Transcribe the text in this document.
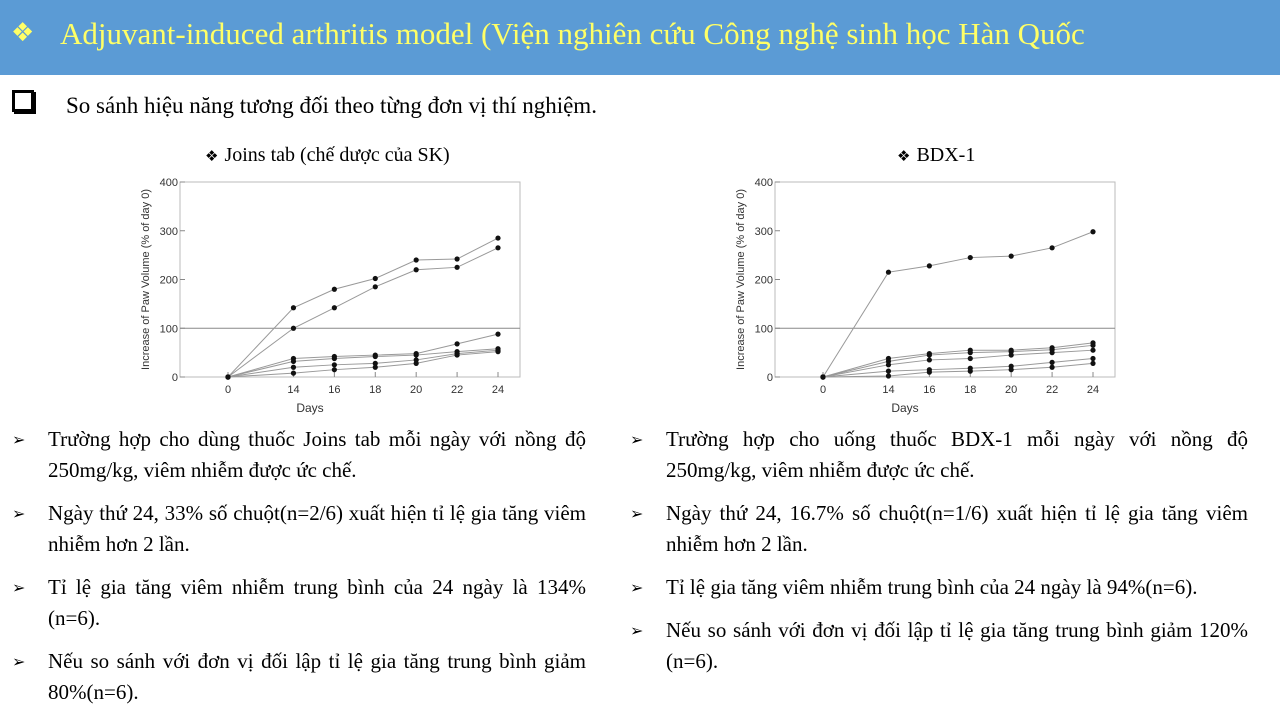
❖ Adjuvant-induced arthritis model (Viện nghiên cứu Công nghệ sinh học Hàn Quốc
So sánh hiệu năng tương đối theo từng đơn vị thí nghiệm.
❖ Joins tab (chế dược của SK)	❖ BDX-1
0
100
200
300
400
0	14	16	18	20	22	24
Days
Increase of Paw Volume (% of day 0)
0
100
200
300
400
0	14	16	18	20	22	24
Days
Increase of Paw Volume (% of day 0)
➢ Trường hợp cho dùng thuốc Joins tab mỗi ngày với nồng độ 250mg/kg, viêm nhiễm được ức chế.
➢ Ngày thứ 24, 33% số chuột(n=2/6) xuất hiện tỉ lệ gia tăng viêm nhiễm hơn 2 lần.
➢ Tỉ lệ gia tăng viêm nhiễm trung bình của 24 ngày là 134%(n=6).
➢ Nếu so sánh với đơn vị đối lập tỉ lệ gia tăng trung bình giảm 80%(n=6).
➢ Trường hợp cho uống thuốc BDX-1 mỗi ngày với nồng độ 250mg/kg, viêm nhiễm được ức chế.
➢ Ngày thứ 24, 16.7% số chuột(n=1/6) xuất hiện tỉ lệ gia tăng viêm nhiễm hơn 2 lần.
➢ Tỉ lệ gia tăng viêm nhiễm trung bình của 24 ngày là 94%(n=6).
➢ Nếu so sánh với đơn vị đối lập tỉ lệ gia tăng trung bình giảm 120%(n=6).
